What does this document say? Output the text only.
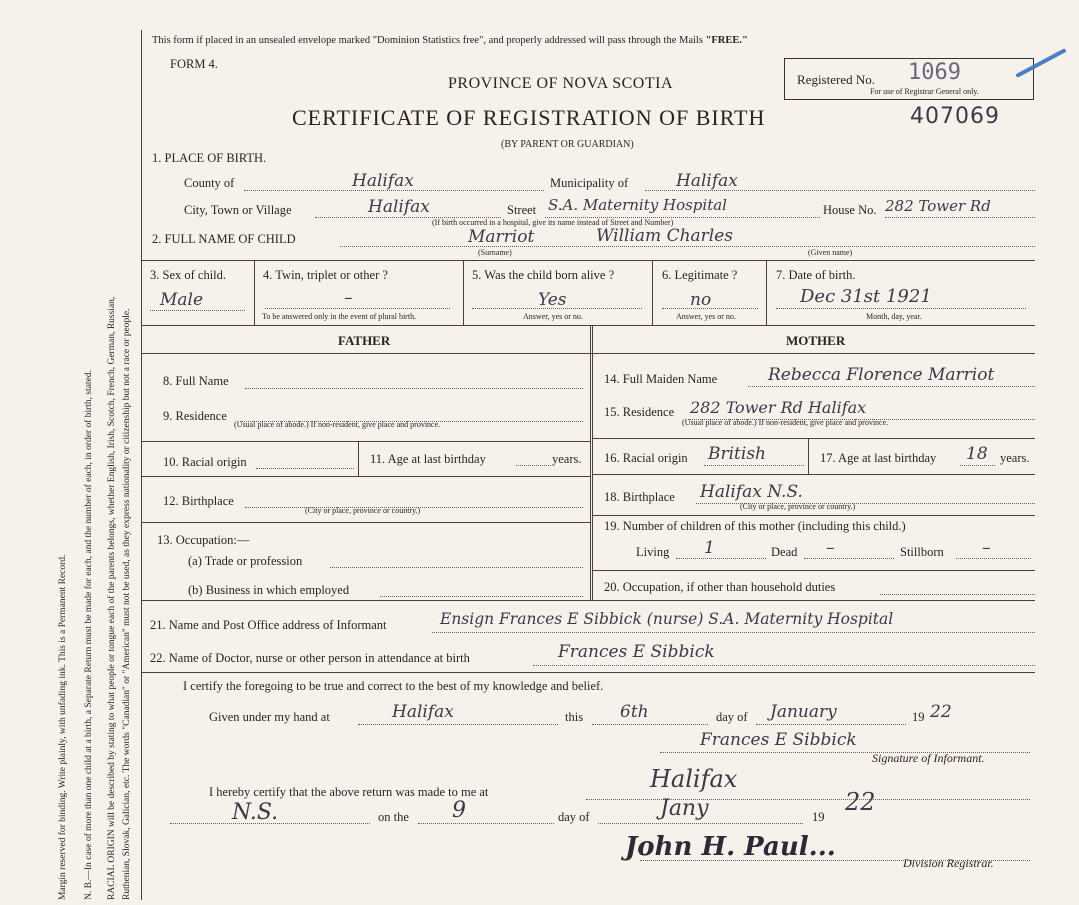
Margin reserved for binding. Write plainly, with unfading ink. This is a Permanent Record. N. B.—In case of more than one child at a birth, a Separate Return must be made for each, and the number of each, in order of birth, stated. RACIAL ORIGIN will be described by stating to what people or tongue each of the parents belongs, whether English, Irish, Scotch, French, German, Russian, Ruthenian, Slovak, Galician, etc. The words "Canadian" or "American" must not be used, as they express nationality or citizenship but not a race or people.
This form if placed in an unsealed envelope marked "Dominion Statistics free", and properly addressed will pass through the Mails "FREE."
FORM 4.
PROVINCE OF NOVA SCOTIA
CERTIFICATE OF REGISTRATION OF BIRTH	407069
(BY PARENT OR GUARDIAN)
Registered No. 1069
For use of Registrar General only.
1. PLACE OF BIRTH.
County of	Halifax	Municipality of	Halifax
City, Town or Village	Halifax	Street S.A. Maternity Hospital	House No. 282 Tower Rd
(If birth occurred in a hospital, give its name instead of Street and Number)
2. FULL NAME OF CHILD	Marriot	William Charles
(Surname)	(Given name)
3. Sex of child.
Male
4. Twin, triplet or other ?
–
To be answered only in the event of plural birth.
5. Was the child born alive ?
Yes
Answer, yes or no.
6. Legitimate ?
no
Answer, yes or no.
7. Date of birth.
Dec 31st 1921
Month, day, year.
FATHER	MOTHER
8. Full Name
9. Residence
(Usual place of abode.) If non-resident, give place and province.
10. Racial origin	11. Age at last birthday	years.
12. Birthplace
(City or place, province or country.)
13. Occupation:—
(a) Trade or profession
(b) Business in which employed
14. Full Maiden Name	Rebecca Florence Marriot
15. Residence 282 Tower Rd Halifax
(Usual place of abode.) If non-resident, give place and province.
16. Racial origin British	17. Age at last birthday 18 years.
18. Birthplace Halifax N.S.
(City or place, province or country.)
19. Number of children of this mother (including this child.)
Living 1	Dead –	Stillborn –
20. Occupation, if other than household duties
21. Name and Post Office address of Informant	Ensign Frances E Sibbick (nurse) S.A. Maternity Hospital
22. Name of Doctor, nurse or other person in attendance at birth	Frances E Sibbick
I certify the foregoing to be true and correct to the best of my knowledge and belief.
Given under my hand at	Halifax	this 6th	day of January	19 22
Frances E Sibbick
Signature of Informant.
I hereby certify that the above return was made to me at	Halifax
N.S.	on the 9	day of	Jany	19
22
John H. Paul...
Division Registrar.
